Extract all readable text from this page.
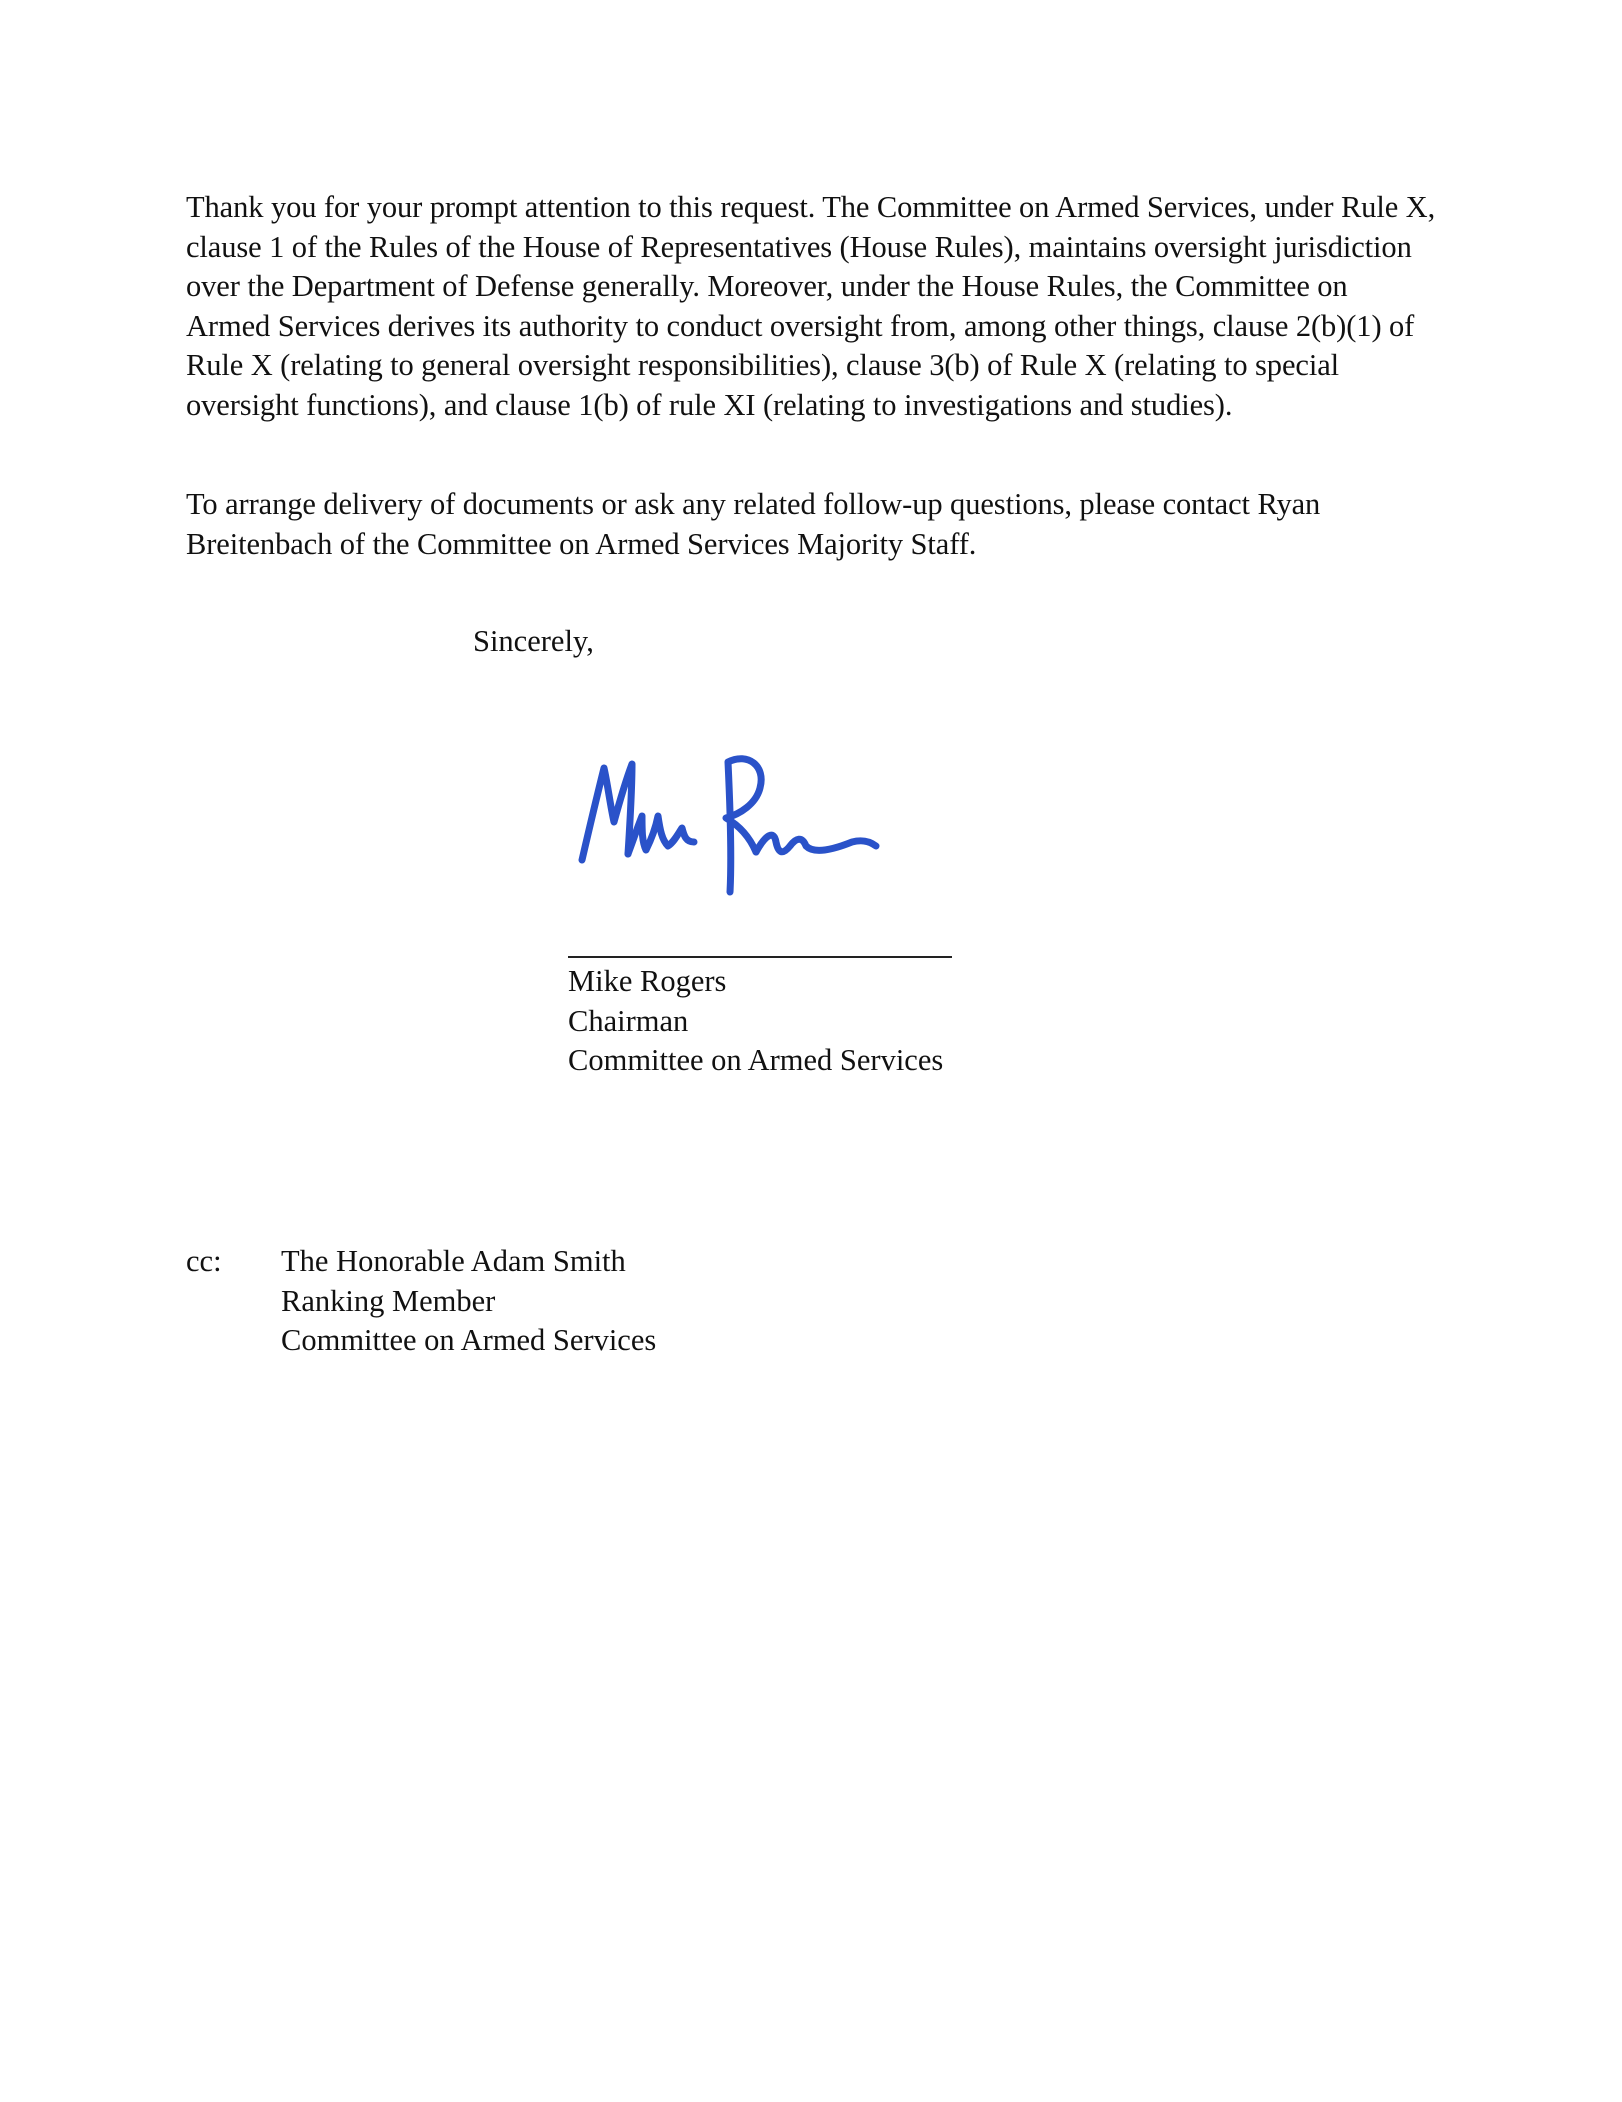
Thank you for your prompt attention to this request. The Committee on Armed Services, under Rule X, clause 1 of the Rules of the House of Representatives (House Rules), maintains oversight jurisdiction over the Department of Defense generally. Moreover, under the House Rules, the Committee on Armed Services derives its authority to conduct oversight from, among other things, clause 2(b)(1) of Rule X (relating to general oversight responsibilities), clause 3(b) of Rule X (relating to special oversight functions), and clause 1(b) of rule XI (relating to investigations and studies).

To arrange delivery of documents or ask any related follow-up questions, please contact Ryan Breitenbach of the Committee on Armed Services Majority Staff.

Sincerely,
Mike Rogers
Chairman
Committee on Armed Services
cc: The Honorable Adam Smith
Ranking Member
Committee on Armed Services
